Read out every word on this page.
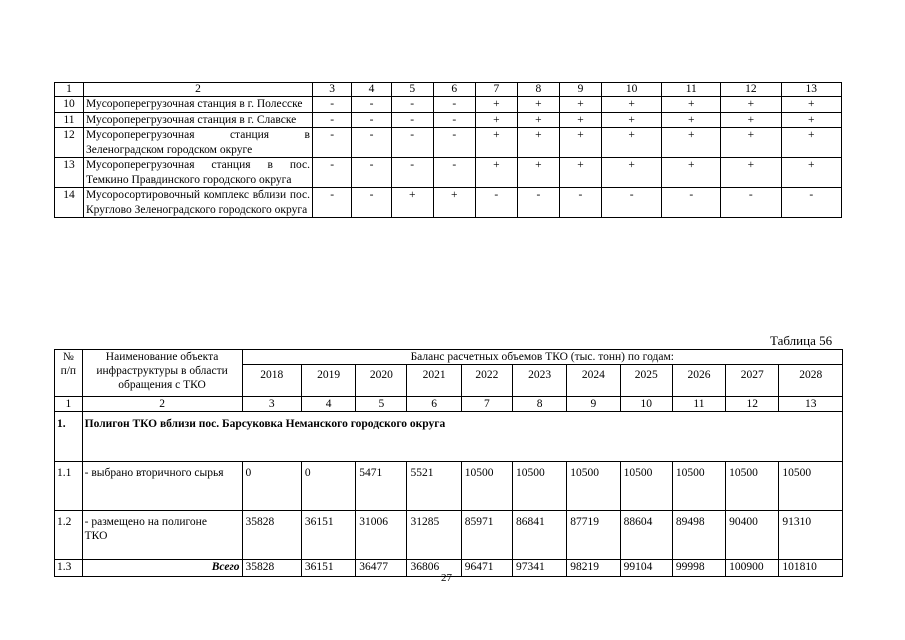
1	2	3	4	5	6	7	8	9	10	11	12	13
10	Мусороперегрузочная станция в г. Полесске	-	-	-	-	+	+	+	+	+	+	+
11	Мусороперегрузочная станция в г. Славске	-	-	-	-	+	+	+	+	+	+	+
12	Мусороперегрузочная станция в Зеленоградском городском округе	-	-	-	-	+	+	+	+	+	+	+
13	Мусороперегрузочная станция в пос. Темкино Правдинского городского округа	-	-	-	-	+	+	+	+	+	+	+
14	Мусоросортировочный комплекс вблизи пос. Круглово Зеленоградского городского округа	-	-	+	+	-	-	-	-	-	-	-
Таблица 56
№ п/п	Наименование объекта инфраструктуры в области обращения с ТКО	Баланс расчетных объемов ТКО (тыс. тонн) по годам:										
		2018	2019	2020	2021	2022	2023	2024	2025	2026	2027	2028
1	2	3	4	5	6	7	8	9	10	11	12	13
1.	Полигон ТКО вблизи пос. Барсуковка Неманского городского округа											
1.1	- выбрано вторичного сырья	0	0	5471	5521	10500	10500	10500	10500	10500	10500	10500
1.2	- размещено на полигоне ТКО	35828	36151	31006	31285	85971	86841	87719	88604	89498	90400	91310
1.3	Всего	35828	36151	36477	36806	96471	97341	98219	99104	99998	100900	101810
27
